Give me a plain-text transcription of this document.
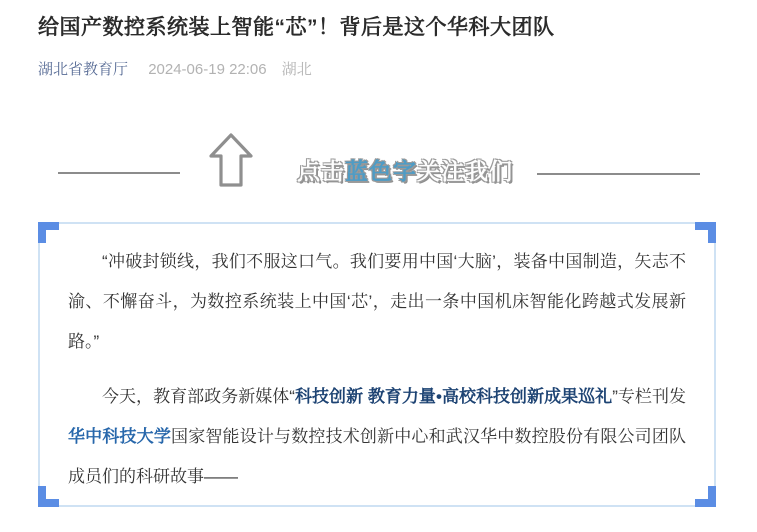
给国产数控系统装上智能“芯”！背后是这个华科大团队
湖北省教育厅 2024-06-19 22:06 湖北
点击蓝色字关注我们

“冲破封锁线，我们不服这口气。我们要用中国‘大脑’，装备中国制造，矢志不渝、不懈奋斗，为数控系统装上中国‘芯’，走出一条中国机床智能化跨越式发展新路。”

今天，教育部政务新媒体“科技创新 教育力量•高校科技创新成果巡礼”专栏刊发华中科技大学国家智能设计与数控技术创新中心和武汉华中数控股份有限公司团队成员们的科研故事——
